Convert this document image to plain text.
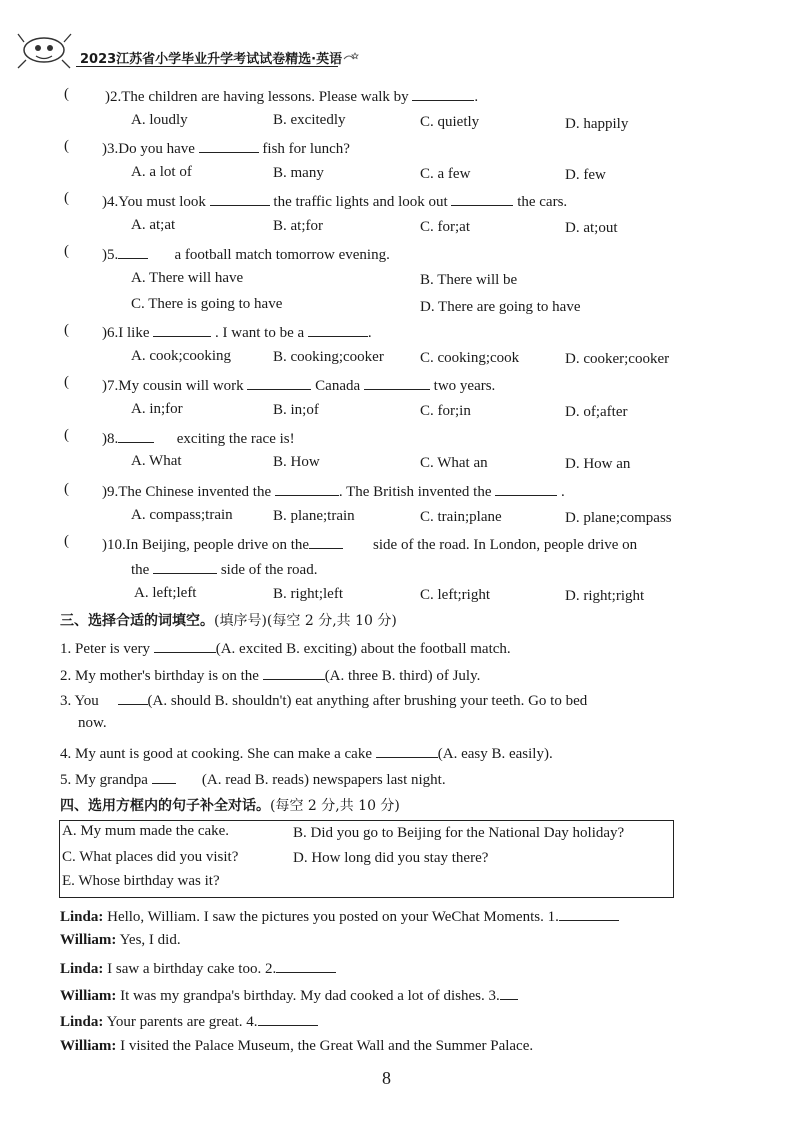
2023江苏省小学毕业升学考试试卷精选·英语
( )2.The children are having lessons. Please walk by	.
A. loudly	B. excitedly	C. quietly	D. happily
( )3.Do you have	fish for lunch?
A. a lot of	B. many	C. a few	D. few
( )4.You must look	the traffic lights and look out	the cars.
A. at;at	B. at;for	C. for;at	D. at;out
( )5.	a football match tomorrow evening.
A. There will have	B. There will be
C. There is going to have	D. There are going to have
( )6.I like	. I want to be a	.
A. cook;cooking	B. cooking;cooker C. cooking;cook	D. cooker;cooker
( )7.My cousin will work	Canada	two years.
A. in;for	B. in;of	C. for;in	D. of;after
( )8.	exciting the race is!
A. What	B. How	C. What an	D. How an
( )9.The Chinese invented the	. The British invented the	.
A. compass;train	B. plane;train	C. train;plane	D. plane;compass
( )10.In Beijing, people drive on the	side of the road. In London, people drive on
the	side of the road.
A. left;left	B. right;left	C. left;right	D. right;right
三、选择合适的词填空。(填序号)(每空 2 分,共 10 分)
1. Peter is very	(A. excited B. exciting) about the football match.
2. My mother's birthday is on the	(A. three B. third) of July.
3. You	(A. should B. shouldn't) eat anything after brushing your teeth. Go to bed
now.
4. My aunt is good at cooking. She can make a cake	(A. easy B. easily).
5. My grandpa	(A. read B. reads) newspapers last night.
四、选用方框内的句子补全对话。(每空 2 分,共 10 分)
A. My mum made the cake.	B. Did you go to Beijing for the National Day holiday?
C. What places did you visit?	D. How long did you stay there?
E. Whose birthday was it?
Linda: Hello, William. I saw the pictures you posted on your WeChat Moments. 1.
William: Yes, I did.
Linda: I saw a birthday cake too. 2.
William: It was my grandpa's birthday. My dad cooked a lot of dishes. 3.
Linda: Your parents are great. 4.
William: I visited the Palace Museum, the Great Wall and the Summer Palace.
8
